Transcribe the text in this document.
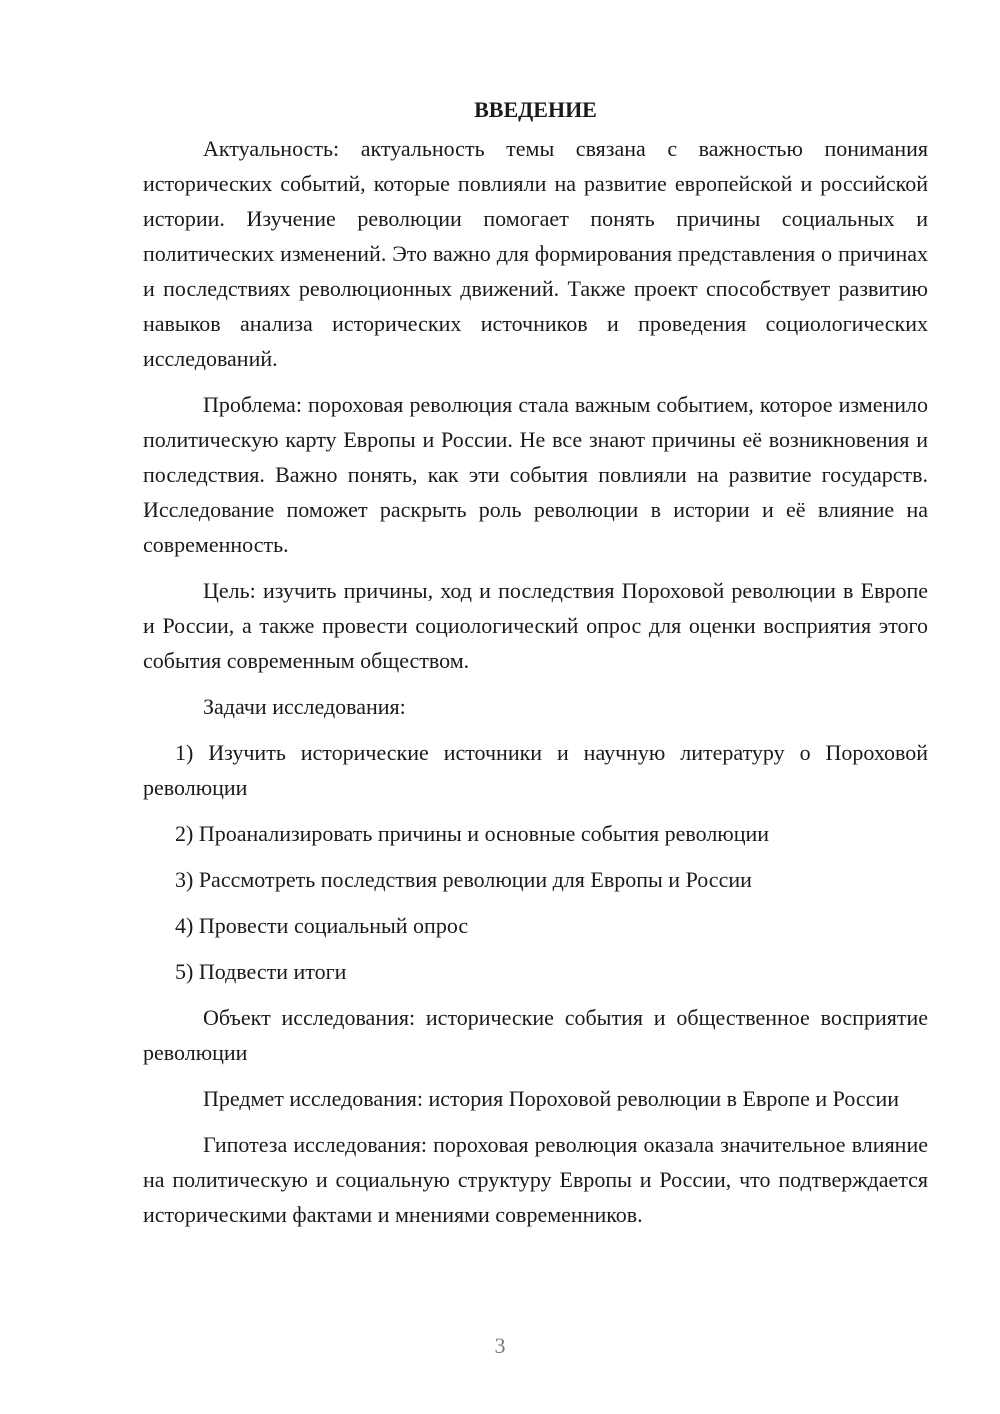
ВВЕДЕНИЕ

Актуальность: актуальность темы связана с важностью понимания исторических событий, которые повлияли на развитие европейской и российской истории. Изучение революции помогает понять причины социальных и политических изменений. Это важно для формирования представления о причинах и последствиях революционных движений. Также проект способствует развитию навыков анализа исторических источников и проведения социологических исследований.

Проблема: пороховая революция стала важным событием, которое изменило политическую карту Европы и России. Не все знают причины её возникновения и последствия. Важно понять, как эти события повлияли на развитие государств. Исследование поможет раскрыть роль революции в истории и её влияние на современность.

Цель: изучить причины, ход и последствия Пороховой революции в Европе и России, а также провести социологический опрос для оценки восприятия этого события современным обществом.

Задачи исследования:

1) Изучить исторические источники и научную литературу о Пороховой революции

2) Проанализировать причины и основные события революции

3) Рассмотреть последствия революции для Европы и России

4) Провести социальный опрос

5) Подвести итоги

Объект исследования: исторические события и общественное восприятие революции

Предмет исследования: история Пороховой революции в Европе и России

Гипотеза исследования: пороховая революция оказала значительное влияние на политическую и социальную структуру Европы и России, что подтверждается историческими фактами и мнениями современников.

3
